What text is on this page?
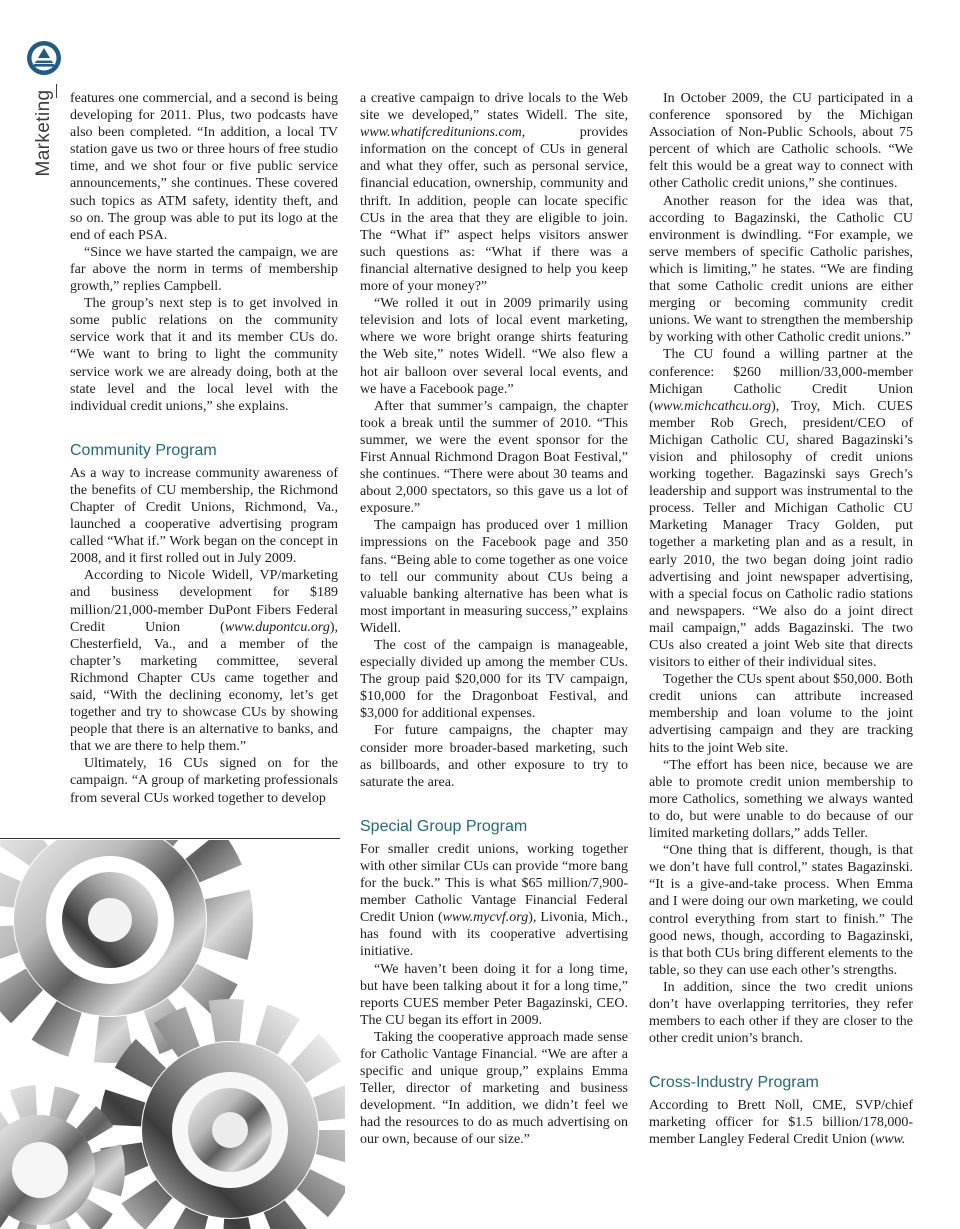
Marketing features one commercial, and a second is being developing for 2011. Plus, two podcasts have also been completed. “In addition, a local TV station gave us two or three hours of free studio time, and we shot four or five public service announcements,” she continues. These covered such topics as ATM safety, identity theft, and so on. The group was able to put its logo at the end of each PSA.

“Since we have started the campaign, we are far above the norm in terms of membership growth,” replies Campbell.

The group’s next step is to get involved in some public relations on the community service work that it and its member CUs do. “We want to bring to light the community service work we are already doing, both at the state level and the local level with the individual credit unions,” she explains.

Community Program

As a way to increase community awareness of the benefits of CU membership, the Richmond Chapter of Credit Unions, Richmond, Va., launched a cooperative advertising program called “What if.” Work began on the concept in 2008, and it first rolled out in July 2009.

According to Nicole Widell, VP/marketing and business development for $189 million/21,000-member DuPont Fibers Federal Credit Union (www.dupontcu.org), Chesterfield, Va., and a member of the chapter’s marketing committee, several Richmond Chapter CUs came together and said, “With the declining economy, let’s get together and try to showcase CUs by showing people that there is an alternative to banks, and that we are there to help them.”

Ultimately, 16 CUs signed on for the campaign. “A group of marketing professionals from several CUs worked together to develop

a creative campaign to drive locals to the Web site we developed,” states Widell. The site, www.whatifcreditunions.com, provides information on the concept of CUs in general and what they offer, such as personal service, financial education, ownership, community and thrift. In addition, people can locate specific CUs in the area that they are eligible to join. The “What if” aspect helps visitors answer such questions as: “What if there was a financial alternative designed to help you keep more of your money?”

“We rolled it out in 2009 primarily using television and lots of local event marketing, where we wore bright orange shirts featuring the Web site,” notes Widell. “We also flew a hot air balloon over several local events, and we have a Facebook page.”

After that summer’s campaign, the chapter took a break until the summer of 2010. “This summer, we were the event sponsor for the First Annual Richmond Dragon Boat Festival,” she continues. “There were about 30 teams and about 2,000 spectators, so this gave us a lot of exposure.”

The campaign has produced over 1 million impressions on the Facebook page and 350 fans. “Being able to come together as one voice to tell our community about CUs being a valuable banking alternative has been what is most important in measuring success,” explains Widell.

The cost of the campaign is manageable, especially divided up among the member CUs. The group paid $20,000 for its TV campaign, $10,000 for the Dragonboat Festival, and $3,000 for additional expenses.

For future campaigns, the chapter may consider more broader-based marketing, such as billboards, and other exposure to try to saturate the area.

Special Group Program

For smaller credit unions, working together with other similar CUs can provide “more bang for the buck.” This is what $65 million/7,900-member Catholic Vantage Financial Federal Credit Union (www.mycvf.org), Livonia, Mich., has found with its cooperative advertising initiative.

“We haven’t been doing it for a long time, but have been talking about it for a long time,” reports CUES member Peter Bagazinski, CEO. The CU began its effort in 2009.

Taking the cooperative approach made sense for Catholic Vantage Financial. “We are after a specific and unique group,” explains Emma Teller, director of marketing and business development. “In addition, we didn’t feel we had the resources to do as much advertising on our own, because of our size.”

In October 2009, the CU participated in a conference sponsored by the Michigan Association of Non-Public Schools, about 75 percent of which are Catholic schools. “We felt this would be a great way to connect with other Catholic credit unions,” she continues.

Another reason for the idea was that, according to Bagazinski, the Catholic CU environment is dwindling. “For example, we serve members of specific Catholic parishes, which is limiting,” he states. “We are finding that some Catholic credit unions are either merging or becoming community credit unions. We want to strengthen the membership by working with other Catholic credit unions.”

The CU found a willing partner at the conference: $260 million/33,000-member Michigan Catholic Credit Union (www.michcathcu.org), Troy, Mich. CUES member Rob Grech, president/CEO of Michigan Catholic CU, shared Bagazinski’s vision and philosophy of credit unions working together. Bagazinski says Grech’s leadership and support was instrumental to the process. Teller and Michigan Catholic CU Marketing Manager Tracy Golden, put together a marketing plan and as a result, in early 2010, the two began doing joint radio advertising and joint newspaper advertising, with a special focus on Catholic radio stations and newspapers. “We also do a joint direct mail campaign,” adds Bagazinski. The two CUs also created a joint Web site that directs visitors to either of their individual sites.

Together the CUs spent about $50,000. Both credit unions can attribute increased membership and loan volume to the joint advertising campaign and they are tracking hits to the joint Web site.

“The effort has been nice, because we are able to promote credit union membership to more Catholics, something we always wanted to do, but were unable to do because of our limited marketing dollars,” adds Teller.

“One thing that is different, though, is that we don’t have full control,” states Bagazinski. “It is a give-and-take process. When Emma and I were doing our own marketing, we could control everything from start to finish.” The good news, though, according to Bagazinski, is that both CUs bring different elements to the table, so they can use each other’s strengths.

In addition, since the two credit unions don’t have overlapping territories, they refer members to each other if they are closer to the other credit union’s branch.

Cross-Industry Program

According to Brett Noll, CME, SVP/chief marketing officer for $1.5 billion/178,000-member Langley Federal Credit Union (www.
